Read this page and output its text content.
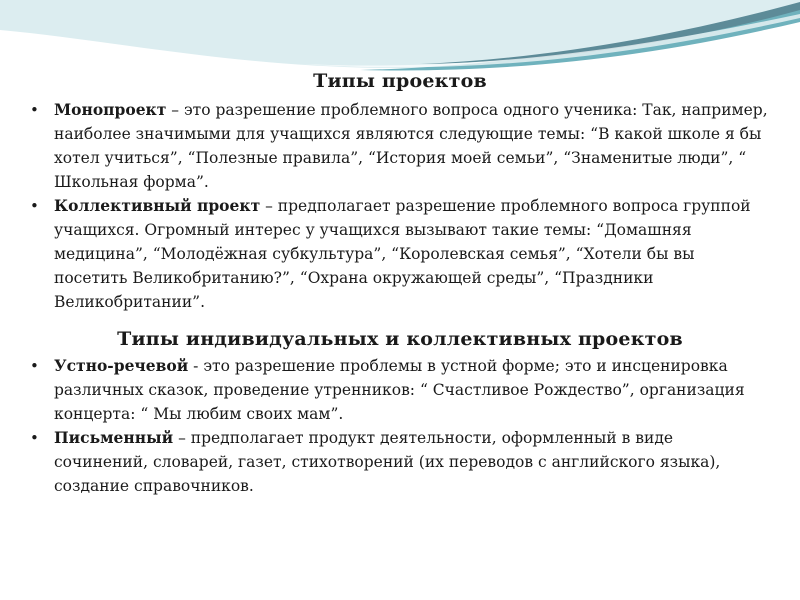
Типы проектов
• Монопроект – это разрешение проблемного вопроса одного ученика: Так, например, наиболее значимыми для учащихся являются следующие темы: “В какой школе я бы хотел учиться”, “Полезные правила”, “История моей семьи”, “Знаменитые люди”, “ Школьная форма”.
• Коллективный проект – предполагает разрешение проблемного вопроса группой учащихся. Огромный интерес у учащихся вызывают такие темы: “Домашняя медицина”, “Молодёжная субкультура”, “Королевская семья”, “Хотели бы вы посетить Великобританию?”, “Охрана окружающей среды”, “Праздники Великобритании”.
Типы индивидуальных и коллективных проектов
• Устно-речевой - это разрешение проблемы в устной форме; это и инсценировка различных сказок, проведение утренников: “ Счастливое Рождество”, организация концерта: “ Мы любим своих мам”.
• Письменный – предполагает продукт деятельности, оформленный в виде сочинений, словарей, газет, стихотворений (их переводов с английского языка), создание справочников.
